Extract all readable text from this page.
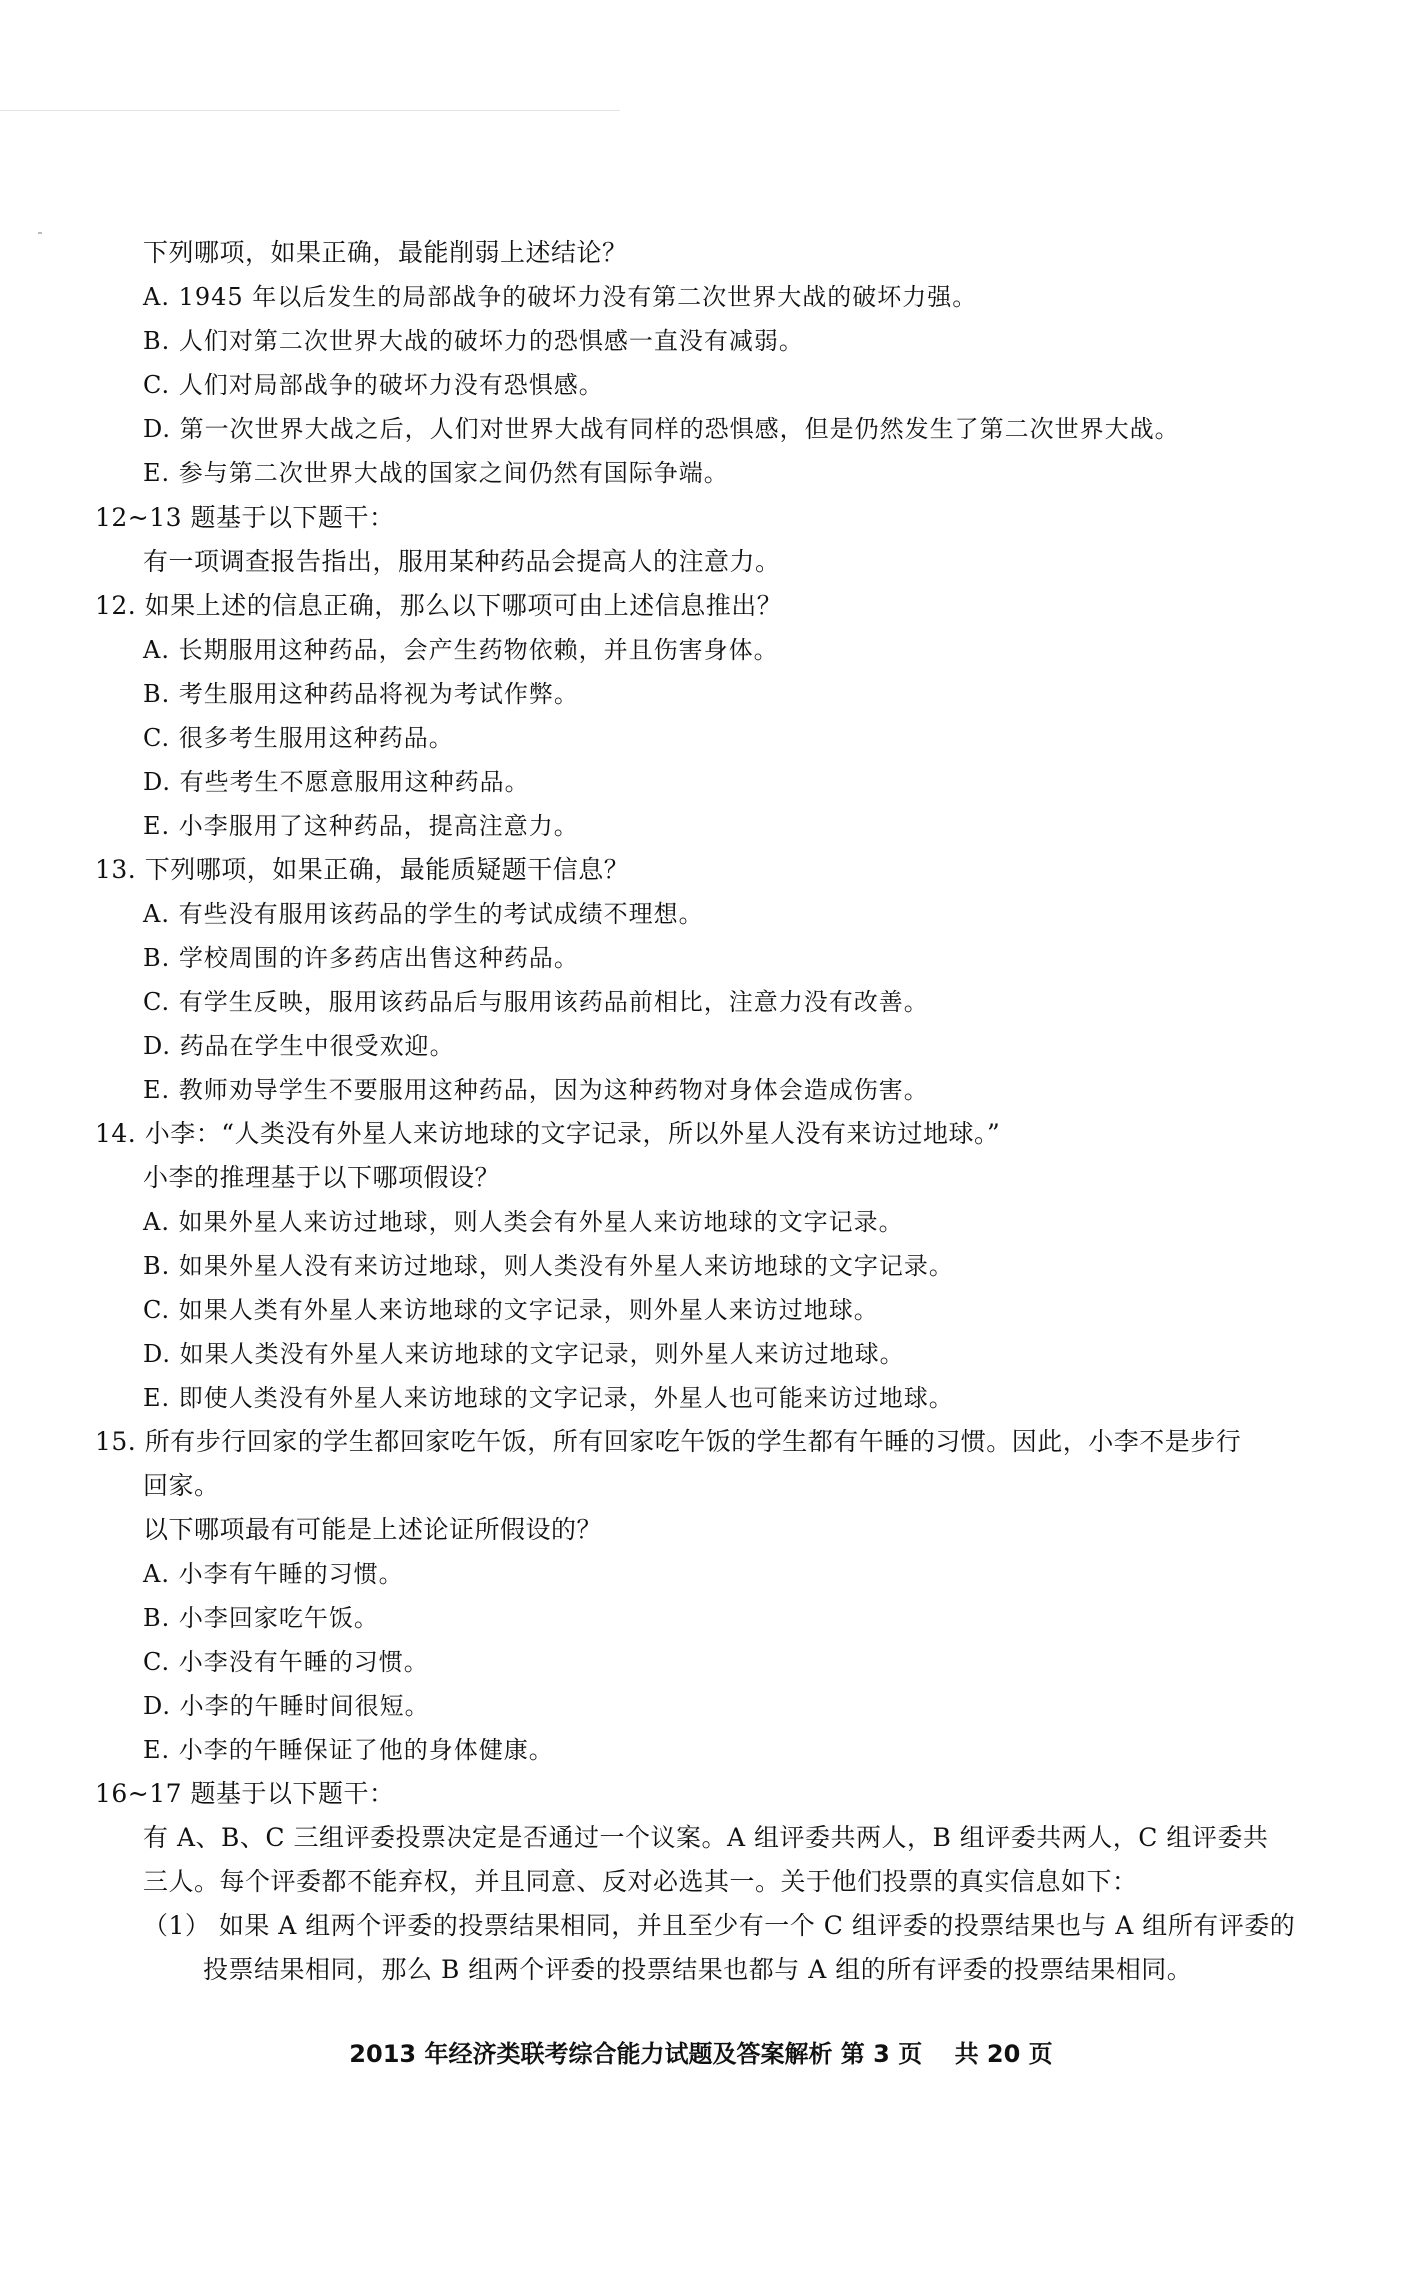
下列哪项，如果正确，最能削弱上述结论？
A. 1945 年以后发生的局部战争的破坏力没有第二次世界大战的破坏力强。
B. 人们对第二次世界大战的破坏力的恐惧感一直没有减弱。
C. 人们对局部战争的破坏力没有恐惧感。
D. 第一次世界大战之后，人们对世界大战有同样的恐惧感，但是仍然发生了第二次世界大战。
E. 参与第二次世界大战的国家之间仍然有国际争端。
12~13 题基于以下题干：
有一项调查报告指出，服用某种药品会提高人的注意力。
12. 如果上述的信息正确，那么以下哪项可由上述信息推出？
A. 长期服用这种药品，会产生药物依赖，并且伤害身体。
B. 考生服用这种药品将视为考试作弊。
C. 很多考生服用这种药品。
D. 有些考生不愿意服用这种药品。
E. 小李服用了这种药品，提高注意力。
13. 下列哪项，如果正确，最能质疑题干信息？
A. 有些没有服用该药品的学生的考试成绩不理想。
B. 学校周围的许多药店出售这种药品。
C. 有学生反映，服用该药品后与服用该药品前相比，注意力没有改善。
D. 药品在学生中很受欢迎。
E. 教师劝导学生不要服用这种药品，因为这种药物对身体会造成伤害。
14. 小李：“人类没有外星人来访地球的文字记录，所以外星人没有来访过地球。”
小李的推理基于以下哪项假设？
A. 如果外星人来访过地球，则人类会有外星人来访地球的文字记录。
B. 如果外星人没有来访过地球，则人类没有外星人来访地球的文字记录。
C. 如果人类有外星人来访地球的文字记录，则外星人来访过地球。
D. 如果人类没有外星人来访地球的文字记录，则外星人来访过地球。
E. 即使人类没有外星人来访地球的文字记录，外星人也可能来访过地球。
15. 所有步行回家的学生都回家吃午饭，所有回家吃午饭的学生都有午睡的习惯。因此，小李不是步行
回家。
以下哪项最有可能是上述论证所假设的？
A. 小李有午睡的习惯。
B. 小李回家吃午饭。
C. 小李没有午睡的习惯。
D. 小李的午睡时间很短。
E. 小李的午睡保证了他的身体健康。
16~17 题基于以下题干：
有 A、B、C 三组评委投票决定是否通过一个议案。A 组评委共两人，B 组评委共两人，C 组评委共
三人。每个评委都不能弃权，并且同意、反对必选其一。关于他们投票的真实信息如下：
（1） 如果 A 组两个评委的投票结果相同，并且至少有一个 C 组评委的投票结果也与 A 组所有评委的
投票结果相同，那么 B 组两个评委的投票结果也都与 A 组的所有评委的投票结果相同。
2013 年经济类联考综合能力试题及答案解析 第 3 页 　共 20 页
